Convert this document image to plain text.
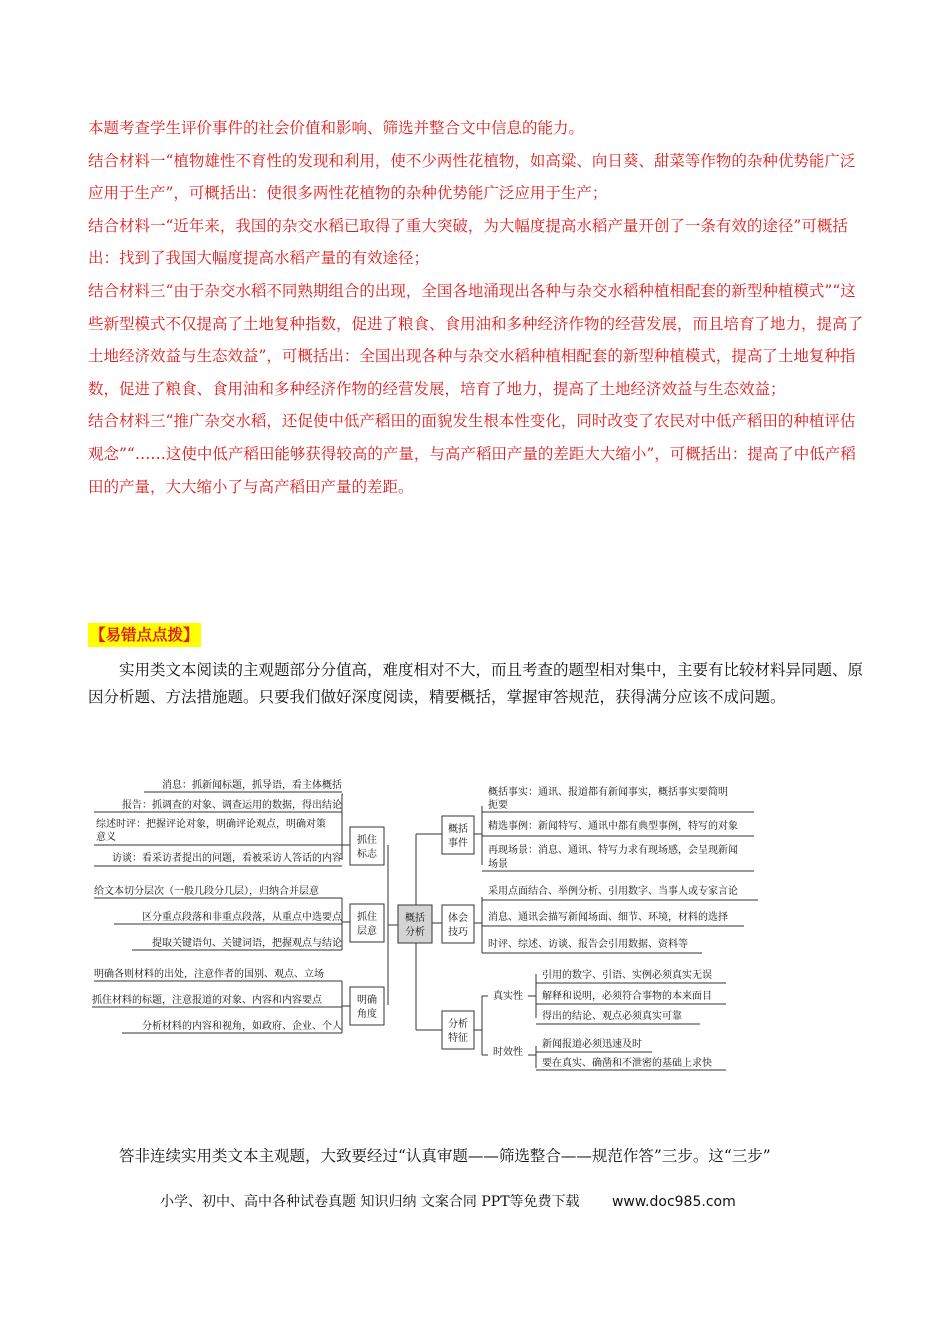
本题考查学生评价事件的社会价值和影响、筛选并整合文中信息的能力。

结合材料一“植物雄性不育性的发现和利用，使不少两性花植物，如高粱、向日葵、甜菜等作物的杂种优势能广泛应用于生产”，可概括出：使很多两性花植物的杂种优势能广泛应用于生产；

结合材料一“近年来，我国的杂交水稻已取得了重大突破，为大幅度提高水稻产量开创了一条有效的途径”可概括出：找到了我国大幅度提高水稻产量的有效途径；

结合材料三“由于杂交水稻不同熟期组合的出现，全国各地涌现出各种与杂交水稻种植相配套的新型种植模式”“这些新型模式不仅提高了土地复种指数，促进了粮食、食用油和多种经济作物的经营发展，而且培育了地力，提高了土地经济效益与生态效益”，可概括出：全国出现各种与杂交水稻种植相配套的新型种植模式，提高了土地复种指数，促进了粮食、食用油和多种经济作物的经营发展，培育了地力，提高了土地经济效益与生态效益；

结合材料三“推广杂交水稻，还促使中低产稻田的面貌发生根本性变化，同时改变了农民对中低产稻田的种植评估观念”“……这使中低产稻田能够获得较高的产量，与高产稻田产量的差距大大缩小”，可概括出：提高了中低产稻田的产量，大大缩小了与高产稻田产量的差距。

【易错点点拨】

实用类文本阅读的主观题部分分值高，难度相对不大，而且考查的题型相对集中，主要有比较材料异同题、原因分析题、方法措施题。只要我们做好深度阅读，精要概括，掌握审答规范，获得满分应该不成问题。

概括
分析
抓住
标志
消息：抓新闻标题，抓导语，看主体概括
报告：抓调查的对象、调查运用的数据，得出结论
综述时评：把握评论对象，明确评论观点，明确对策
意义
访谈：看采访者提出的问题，看被采访人答话的内容
抓住
层意
给文本切分层次（一般几段分几层），归纳合并层意
区分重点段落和非重点段落，从重点中选要点
提取关键语句、关键词语，把握观点与结论
明确
角度
明确各则材料的出处，注意作者的国别、观点、立场
抓住材料的标题，注意报道的对象、内容和内容要点
分析材料的内容和视角，如政府、企业、个人
概括
事件
概括事实：通讯、报道都有新闻事实，概括事实要简明
扼要
精选事例：新闻特写、通讯中都有典型事例，特写的对象
再现场景：消息、通讯、特写力求有现场感，会呈现新闻
场景
体会
技巧
采用点面结合、举例分析、引用数字、当事人或专家言论
消息、通讯会描写新闻场面、细节、环境，材料的选择
时评、综述、访谈、报告会引用数据、资料等
分析
特征
真实性
时效性
引用的数字、引语、实例必须真实无误
解释和说明，必须符合事物的本来面目
得出的结论、观点必须真实可靠
新闻报道必须迅速及时
要在真实、确凿和不泄密的基础上求快

答非连续实用类文本主观题，大致要经过“认真审题——筛选整合——规范作答”三步。这“三步”

小学、初中、高中各种试卷真题 知识归纳 文案合同 PPT等免费下载 www.doc985.com
